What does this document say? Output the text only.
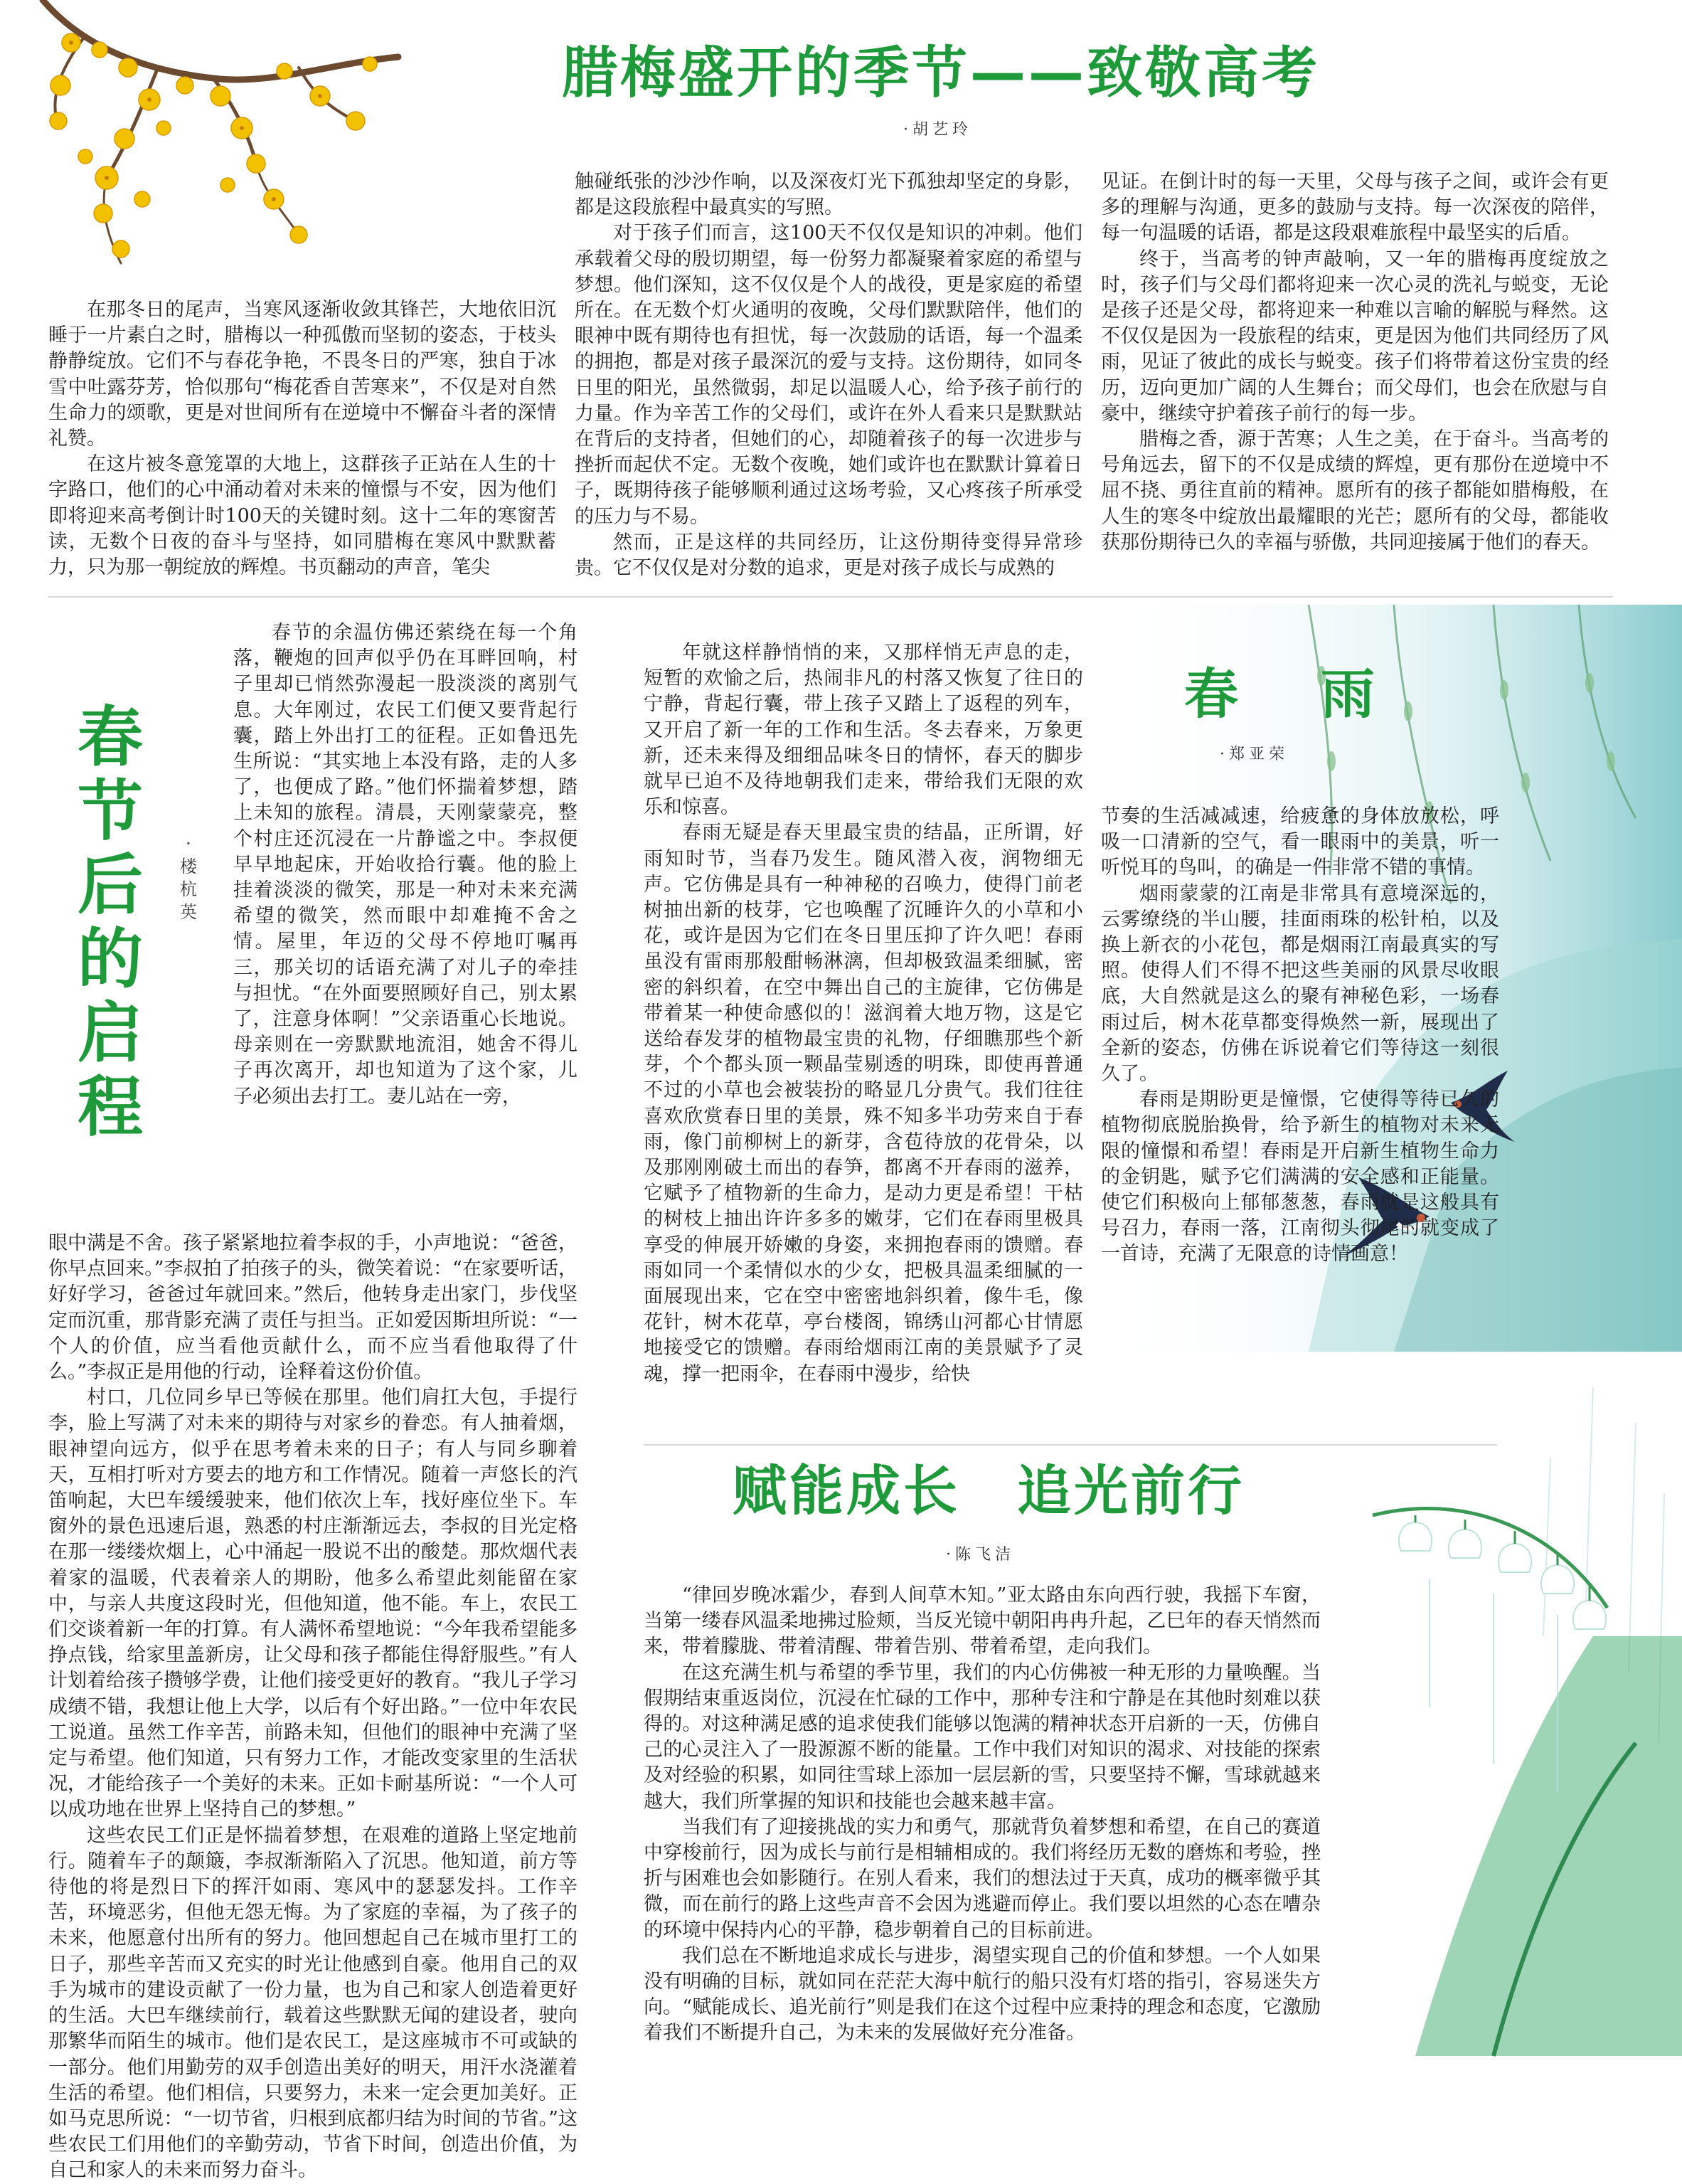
腊梅盛开的季节——致敬高考
·胡艺玲

在那冬日的尾声，当寒风逐渐收敛其锋芒，大地依旧沉睡于一片素白之时，腊梅以一种孤傲而坚韧的姿态，于枝头静静绽放。它们不与春花争艳，不畏冬日的严寒，独自于冰雪中吐露芬芳，恰似那句“梅花香自苦寒来”，不仅是对自然生命力的颂歌，更是对世间所有在逆境中不懈奋斗者的深情礼赞。

在这片被冬意笼罩的大地上，这群孩子正站在人生的十字路口，他们的心中涌动着对未来的憧憬与不安，因为他们即将迎来高考倒计时100天的关键时刻。这十二年的寒窗苦读，无数个日夜的奋斗与坚持，如同腊梅在寒风中默默蓄力，只为那一朝绽放的辉煌。书页翻动的声音，笔尖

触碰纸张的沙沙作响，以及深夜灯光下孤独却坚定的身影，都是这段旅程中最真实的写照。

对于孩子们而言，这100天不仅仅是知识的冲刺。他们承载着父母的殷切期望，每一份努力都凝聚着家庭的希望与梦想。他们深知，这不仅仅是个人的战役，更是家庭的希望所在。在无数个灯火通明的夜晚，父母们默默陪伴，他们的眼神中既有期待也有担忧，每一次鼓励的话语，每一个温柔的拥抱，都是对孩子最深沉的爱与支持。这份期待，如同冬日里的阳光，虽然微弱，却足以温暖人心，给予孩子前行的力量。作为辛苦工作的父母们，或许在外人看来只是默默站在背后的支持者，但她们的心，却随着孩子的每一次进步与挫折而起伏不定。无数个夜晚，她们或许也在默默计算着日子，既期待孩子能够顺利通过这场考验，又心疼孩子所承受的压力与不易。

然而，正是这样的共同经历，让这份期待变得异常珍贵。它不仅仅是对分数的追求，更是对孩子成长与成熟的

见证。在倒计时的每一天里，父母与孩子之间，或许会有更多的理解与沟通，更多的鼓励与支持。每一次深夜的陪伴，每一句温暖的话语，都是这段艰难旅程中最坚实的后盾。

终于，当高考的钟声敲响，又一年的腊梅再度绽放之时，孩子们与父母们都将迎来一次心灵的洗礼与蜕变，无论是孩子还是父母，都将迎来一种难以言喻的解脱与释然。这不仅仅是因为一段旅程的结束，更是因为他们共同经历了风雨，见证了彼此的成长与蜕变。孩子们将带着这份宝贵的经历，迈向更加广阔的人生舞台；而父母们，也会在欣慰与自豪中，继续守护着孩子前行的每一步。

腊梅之香，源于苦寒；人生之美，在于奋斗。当高考的号角远去，留下的不仅是成绩的辉煌，更有那份在逆境中不屈不挠、勇往直前的精神。愿所有的孩子都能如腊梅般，在人生的寒冬中绽放出最耀眼的光芒；愿所有的父母，都能收获那份期待已久的幸福与骄傲，共同迎接属于他们的春天。

春节后的启程
·楼杭英

春节的余温仿佛还萦绕在每一个角落，鞭炮的回声似乎仍在耳畔回响，村子里却已悄然弥漫起一股淡淡的离别气息。大年刚过，农民工们便又要背起行囊，踏上外出打工的征程。正如鲁迅先生所说：“其实地上本没有路，走的人多了，也便成了路。”他们怀揣着梦想，踏上未知的旅程。清晨，天刚蒙蒙亮，整个村庄还沉浸在一片静谧之中。李叔便早早地起床，开始收拾行囊。他的脸上挂着淡淡的微笑，那是一种对未来充满希望的微笑，然而眼中却难掩不舍之情。屋里，年迈的父母不停地叮嘱再三，那关切的话语充满了对儿子的牵挂与担忧。“在外面要照顾好自己，别太累了，注意身体啊！”父亲语重心长地说。母亲则在一旁默默地流泪，她舍不得儿子再次离开，却也知道为了这个家，儿子必须出去打工。妻儿站在一旁，

眼中满是不舍。孩子紧紧地拉着李叔的手，小声地说：“爸爸，你早点回来。”李叔拍了拍孩子的头，微笑着说：“在家要听话，好好学习，爸爸过年就回来。”然后，他转身走出家门，步伐坚定而沉重，那背影充满了责任与担当。正如爱因斯坦所说：“一个人的价值，应当看他贡献什么，而不应当看他取得了什么。”李叔正是用他的行动，诠释着这份价值。

村口，几位同乡早已等候在那里。他们肩扛大包，手提行李，脸上写满了对未来的期待与对家乡的眷恋。有人抽着烟，眼神望向远方，似乎在思考着未来的日子；有人与同乡聊着天，互相打听对方要去的地方和工作情况。随着一声悠长的汽笛响起，大巴车缓缓驶来，他们依次上车，找好座位坐下。车窗外的景色迅速后退，熟悉的村庄渐渐远去，李叔的目光定格在那一缕缕炊烟上，心中涌起一股说不出的酸楚。那炊烟代表着家的温暖，代表着亲人的期盼，他多么希望此刻能留在家中，与亲人共度这段时光，但他知道，他不能。车上，农民工们交谈着新一年的打算。有人满怀希望地说：“今年我希望能多挣点钱，给家里盖新房，让父母和孩子都能住得舒服些。”有人计划着给孩子攒够学费，让他们接受更好的教育。“我儿子学习成绩不错，我想让他上大学，以后有个好出路。”一位中年农民工说道。虽然工作辛苦，前路未知，但他们的眼神中充满了坚定与希望。他们知道，只有努力工作，才能改变家里的生活状况，才能给孩子一个美好的未来。正如卡耐基所说：“一个人可以成功地在世界上坚持自己的梦想。”

这些农民工们正是怀揣着梦想，在艰难的道路上坚定地前行。随着车子的颠簸，李叔渐渐陷入了沉思。他知道，前方等待他的将是烈日下的挥汗如雨、寒风中的瑟瑟发抖。工作辛苦，环境恶劣，但他无怨无悔。为了家庭的幸福，为了孩子的未来，他愿意付出所有的努力。他回想起自己在城市里打工的日子，那些辛苦而又充实的时光让他感到自豪。他用自己的双手为城市的建设贡献了一份力量，也为自己和家人创造着更好的生活。大巴车继续前行，载着这些默默无闻的建设者，驶向那繁华而陌生的城市。他们是农民工，是这座城市不可或缺的一部分。他们用勤劳的双手创造出美好的明天，用汗水浇灌着生活的希望。他们相信，只要努力，未来一定会更加美好。正如马克思所说：“一切节省，归根到底都归结为时间的节省。”这些农民工们用他们的辛勤劳动，节省下时间，创造出价值，为自己和家人的未来而努力奋斗。

春　雨
·郑亚荣

年就这样静悄悄的来，又那样悄无声息的走，短暂的欢愉之后，热闹非凡的村落又恢复了往日的宁静，背起行囊，带上孩子又踏上了返程的列车，又开启了新一年的工作和生活。冬去春来，万象更新，还未来得及细细品味冬日的情怀，春天的脚步就早已迫不及待地朝我们走来，带给我们无限的欢乐和惊喜。

春雨无疑是春天里最宝贵的结晶，正所谓，好雨知时节，当春乃发生。随风潜入夜，润物细无声。它仿佛是具有一种神秘的召唤力，使得门前老树抽出新的枝芽，它也唤醒了沉睡许久的小草和小花，或许是因为它们在冬日里压抑了许久吧！春雨虽没有雷雨那般酣畅淋漓，但却极致温柔细腻，密密的斜织着，在空中舞出自己的主旋律，它仿佛是带着某一种使命感似的！滋润着大地万物，这是它送给春发芽的植物最宝贵的礼物，仔细瞧那些个新芽，个个都头顶一颗晶莹剔透的明珠，即使再普通不过的小草也会被装扮的略显几分贵气。我们往往喜欢欣赏春日里的美景，殊不知多半功劳来自于春雨，像门前柳树上的新芽，含苞待放的花骨朵，以及那刚刚破土而出的春笋，都离不开春雨的滋养，它赋予了植物新的生命力，是动力更是希望！干枯的树枝上抽出许许多多的嫩芽，它们在春雨里极具享受的伸展开娇嫩的身姿，来拥抱春雨的馈赠。春雨如同一个柔情似水的少女，把极具温柔细腻的一面展现出来，它在空中密密地斜织着，像牛毛，像花针，树木花草，亭台楼阁，锦绣山河都心甘情愿地接受它的馈赠。春雨给烟雨江南的美景赋予了灵魂，撑一把雨伞，在春雨中漫步，给快

节奏的生活减减速，给疲惫的身体放放松，呼吸一口清新的空气，看一眼雨中的美景，听一听悦耳的鸟叫，的确是一件非常不错的事情。

烟雨蒙蒙的江南是非常具有意境深远的，云雾缭绕的半山腰，挂面雨珠的松针柏，以及换上新衣的小花包，都是烟雨江南最真实的写照。使得人们不得不把这些美丽的风景尽收眼底，大自然就是这么的聚有神秘色彩，一场春雨过后，树木花草都变得焕然一新，展现出了全新的姿态，仿佛在诉说着它们等待这一刻很久了。

春雨是期盼更是憧憬，它使得等待已久的植物彻底脱胎换骨，给予新生的植物对未来无限的憧憬和希望！春雨是开启新生植物生命力的金钥匙，赋予它们满满的安全感和正能量。使它们积极向上郁郁葱葱，春雨就是这般具有号召力，春雨一落，江南彻头彻尾的就变成了一首诗，充满了无限意的诗情画意！

赋能成长　追光前行
·陈飞洁

“律回岁晚冰霜少，春到人间草木知。”亚太路由东向西行驶，我摇下车窗，当第一缕春风温柔地拂过脸颊，当反光镜中朝阳冉冉升起，乙巳年的春天悄然而来，带着朦胧、带着清醒、带着告别、带着希望，走向我们。

在这充满生机与希望的季节里，我们的内心仿佛被一种无形的力量唤醒。当假期结束重返岗位，沉浸在忙碌的工作中，那种专注和宁静是在其他时刻难以获得的。对这种满足感的追求使我们能够以饱满的精神状态开启新的一天，仿佛自己的心灵注入了一股源源不断的能量。工作中我们对知识的渴求、对技能的探索及对经验的积累，如同往雪球上添加一层层新的雪，只要坚持不懈，雪球就越来越大，我们所掌握的知识和技能也会越来越丰富。

当我们有了迎接挑战的实力和勇气，那就背负着梦想和希望，在自己的赛道中穿梭前行，因为成长与前行是相辅相成的。我们将经历无数的磨炼和考验，挫折与困难也会如影随行。在别人看来，我们的想法过于天真，成功的概率微乎其微，而在前行的路上这些声音不会因为逃避而停止。我们要以坦然的心态在嘈杂的环境中保持内心的平静，稳步朝着自己的目标前进。

我们总在不断地追求成长与进步，渴望实现自己的价值和梦想。一个人如果没有明确的目标，就如同在茫茫大海中航行的船只没有灯塔的指引，容易迷失方向。“赋能成长、追光前行”则是我们在这个过程中应秉持的理念和态度，它激励着我们不断提升自己，为未来的发展做好充分准备。
